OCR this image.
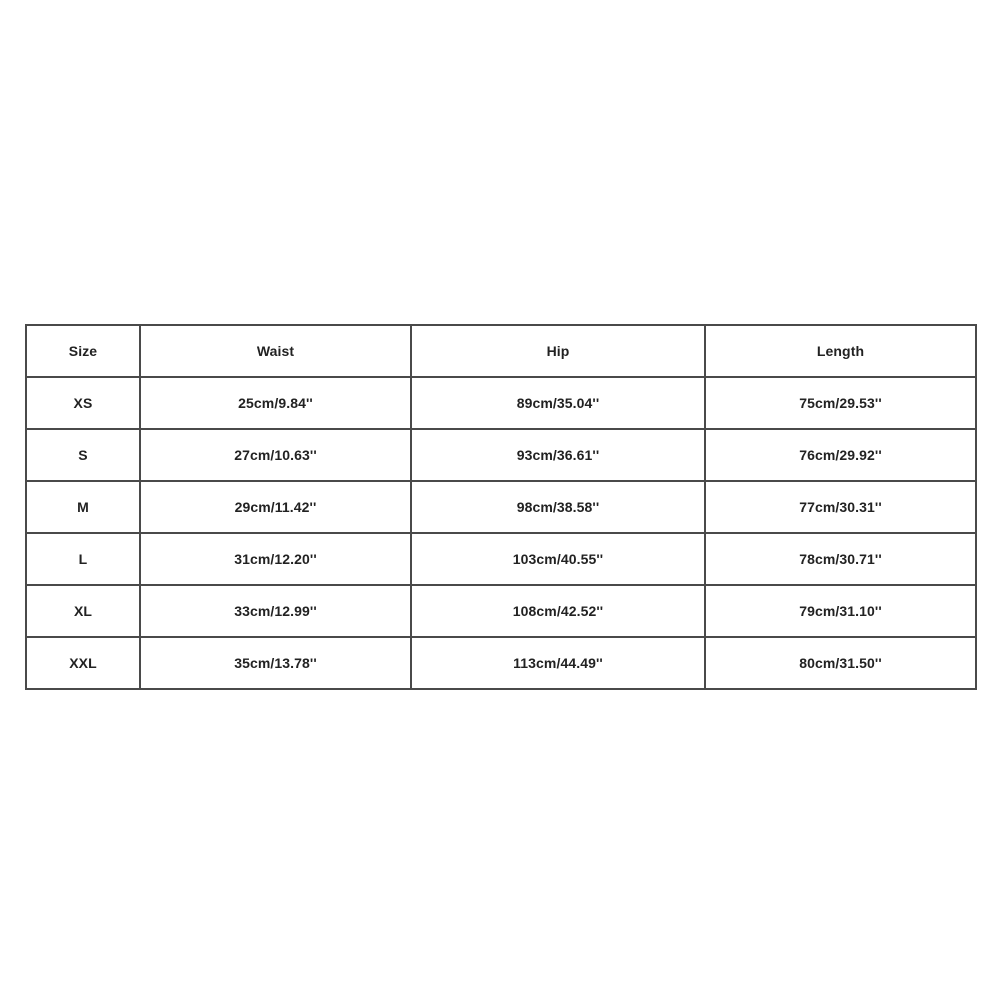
Size	Waist	Hip	Length
XS	25cm/9.84''	89cm/35.04''	75cm/29.53''
S	27cm/10.63''	93cm/36.61''	76cm/29.92''
M	29cm/11.42''	98cm/38.58''	77cm/30.31''
L	31cm/12.20''	103cm/40.55''	78cm/30.71''
XL	33cm/12.99''	108cm/42.52''	79cm/31.10''
XXL	35cm/13.78''	113cm/44.49''	80cm/31.50''
